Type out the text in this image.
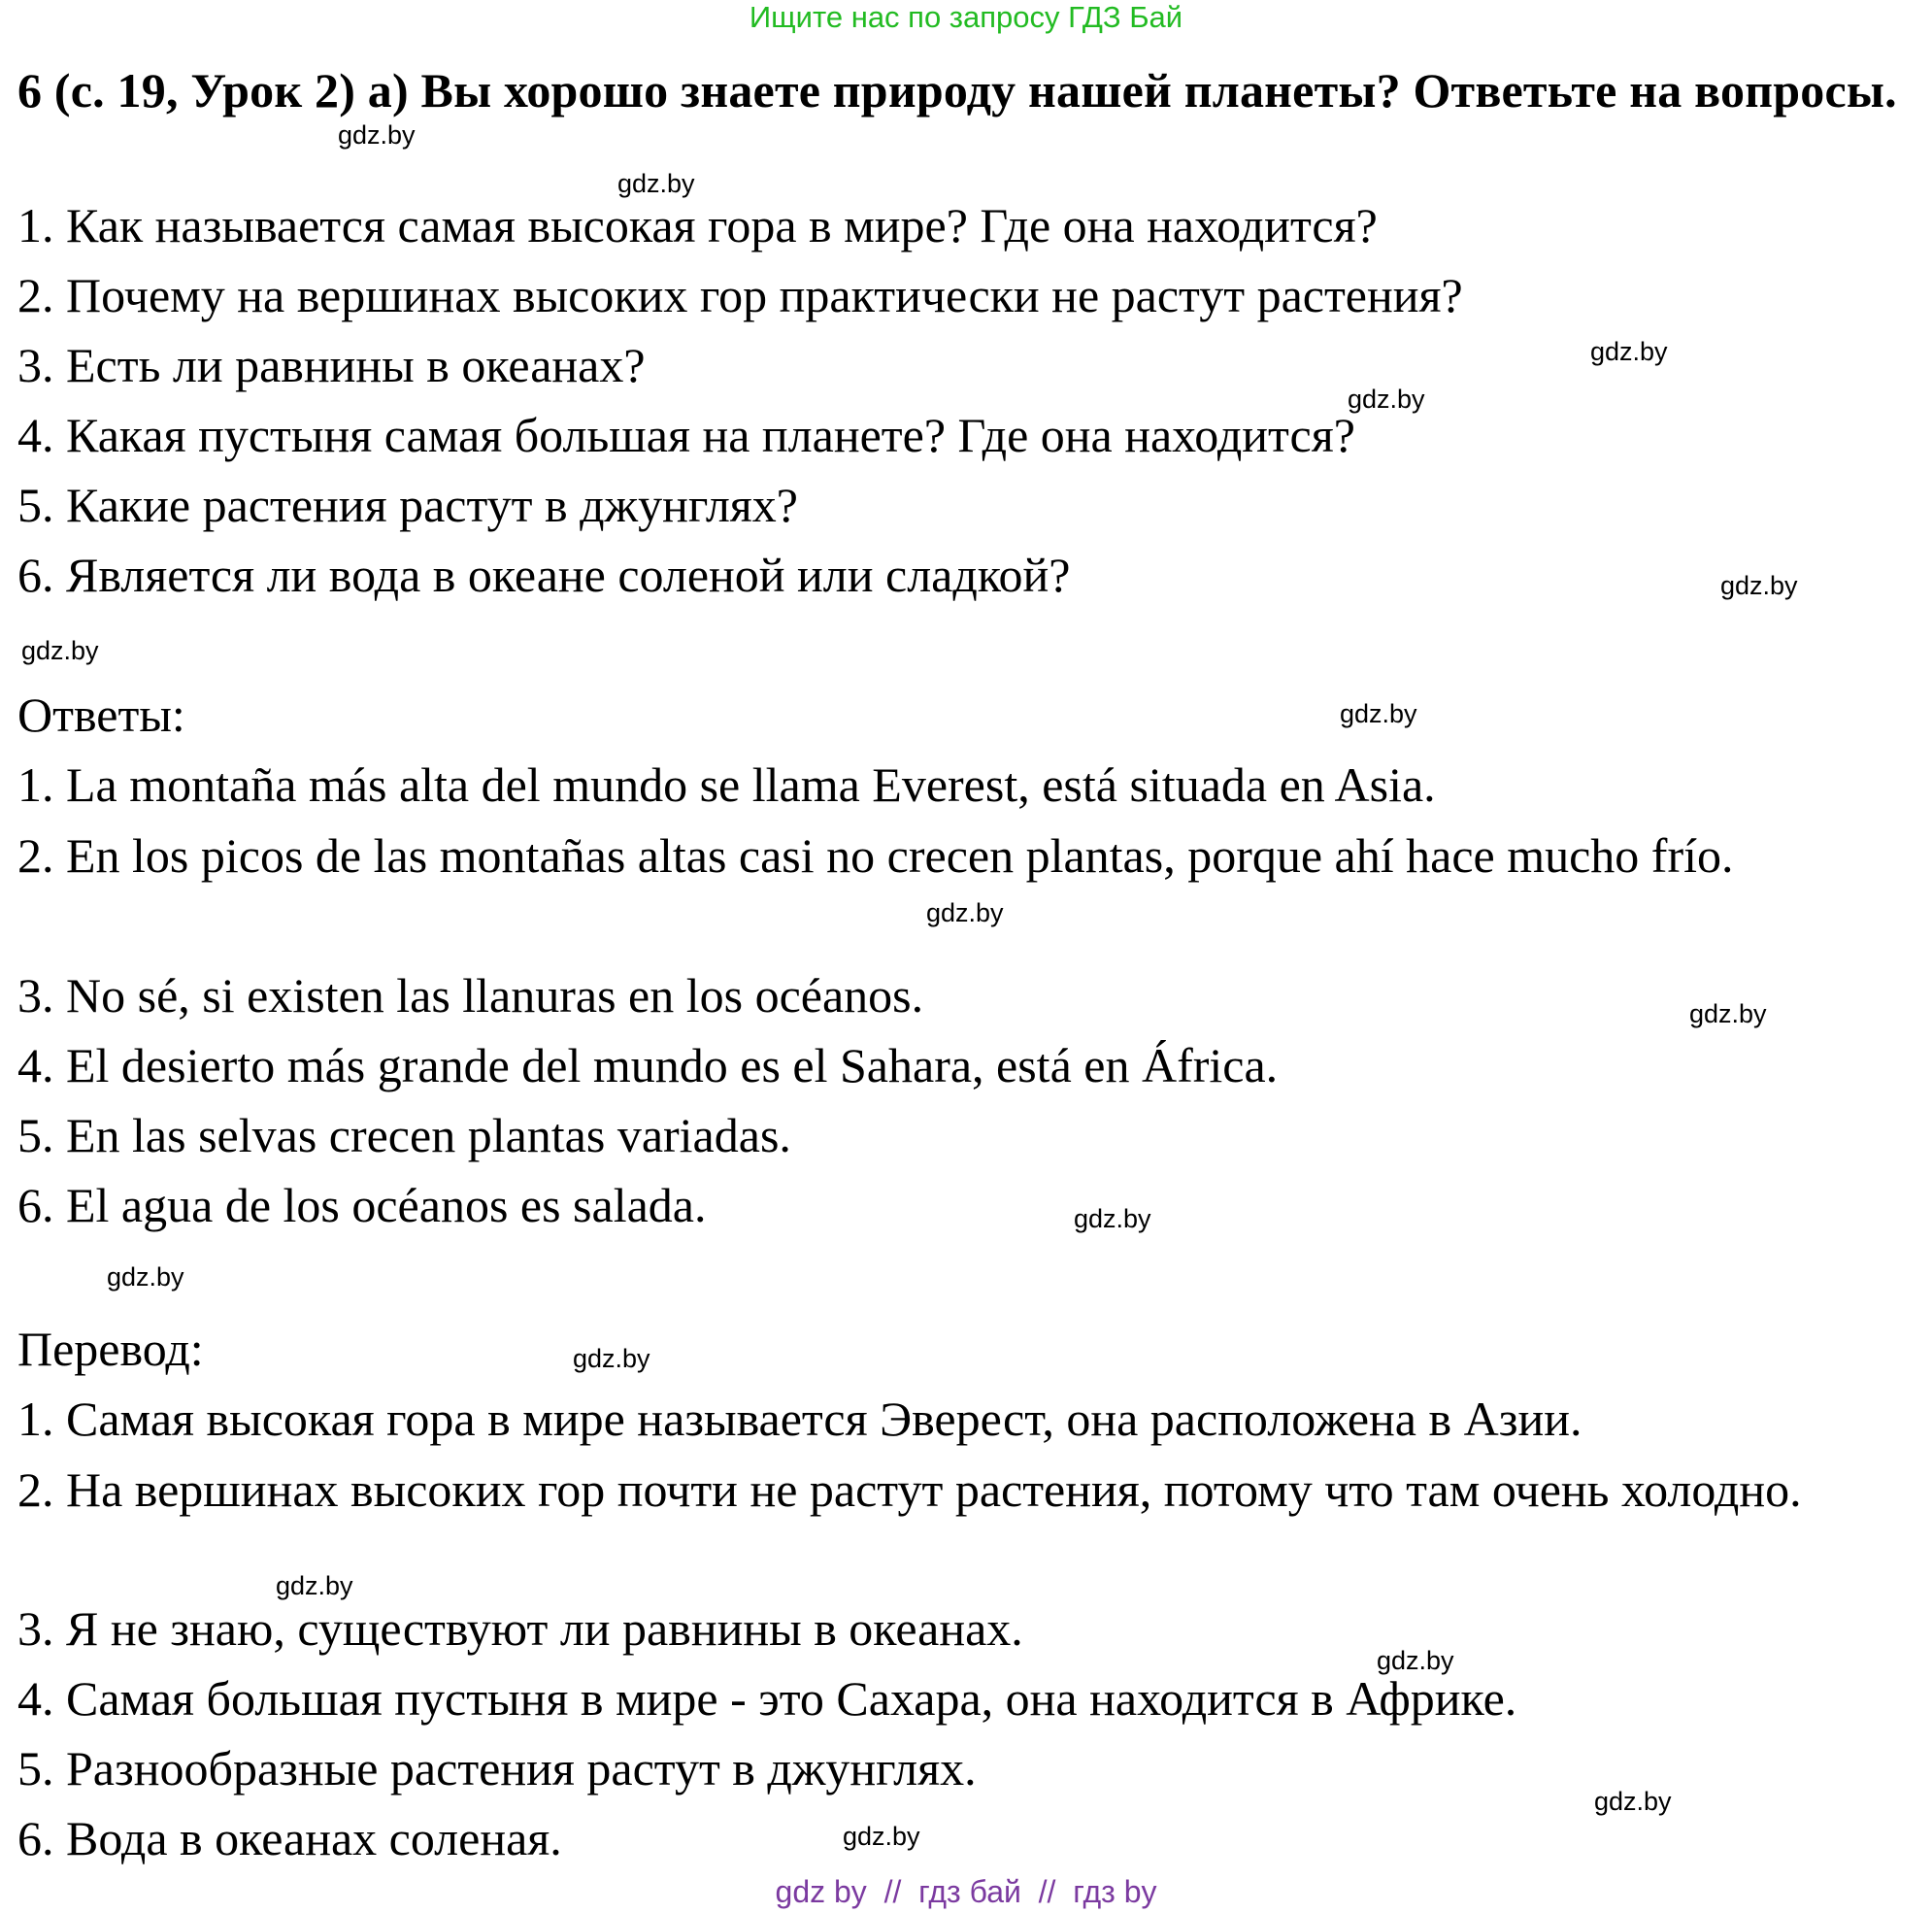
Ищите нас по запросу ГДЗ Бай
6 (с. 19, Урок 2) а) Вы хорошо знаете природу нашей планеты? Ответьте на вопросы.
1. Как называется самая высокая гора в мире? Где она находится?
2. Почему на вершинах высоких гор практически не растут растения?
3. Есть ли равнины в океанах?
4. Какая пустыня самая большая на планете? Где она находится?
5. Какие растения растут в джунглях?
6. Является ли вода в океане соленой или сладкой?
Ответы:
1. La montaña más alta del mundo se llama Everest, está situada en Asia.
2. En los picos de las montañas altas casi no crecen plantas, porque ahí hace mucho frío.
3. No sé, si existen las llanuras en los océanos.
4. El desierto más grande del mundo es el Sahara, está en África.
5. En las selvas crecen plantas variadas.
6. El agua de los océanos es salada.
Перевод:
1. Самая высокая гора в мире называется Эверест, она расположена в Азии.
2. На вершинах высоких гор почти не растут растения, потому что там очень холодно.
3. Я не знаю, существуют ли равнины в океанах.
4. Самая большая пустыня в мире - это Сахара, она находится в Африке.
5. Разнообразные растения растут в джунглях.
6. Вода в океанах соленая.
gdz.by
gdz.by
gdz.by
gdz.by
gdz.by
gdz.by
gdz.by
gdz.by
gdz.by
gdz.by
gdz.by
gdz.by
gdz.by
gdz.by
gdz.by
gdz.by
gdz by  //  гдз бай  //  гдз by
